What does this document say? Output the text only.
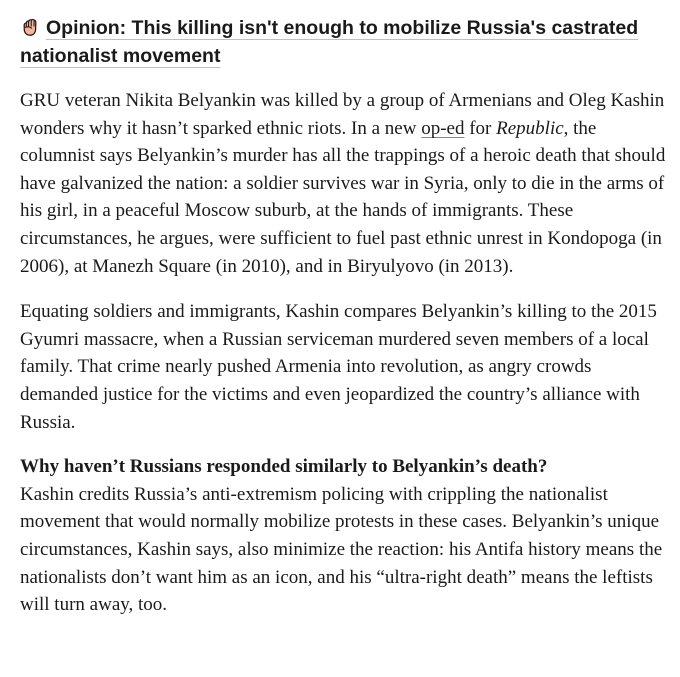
Opinion: This killing isn't enough to mobilize Russia's castrated nationalist movement

GRU veteran Nikita Belyankin was killed by a group of Armenians and Oleg Kashin wonders why it hasn’t sparked ethnic riots. In a new op-ed for Republic, the columnist says Belyankin’s murder has all the trappings of a heroic death that should have galvanized the nation: a soldier survives war in Syria, only to die in the arms of his girl, in a peaceful Moscow suburb, at the hands of immigrants. These circumstances, he argues, were sufficient to fuel past ethnic unrest in Kondopoga (in 2006), at Manezh Square (in 2010), and in Biryulyovo (in 2013).

Equating soldiers and immigrants, Kashin compares Belyankin’s killing to the 2015 Gyumri massacre, when a Russian serviceman murdered seven members of a local family. That crime nearly pushed Armenia into revolution, as angry crowds demanded justice for the victims and even jeopardized the country’s alliance with Russia.

Why haven’t Russians responded similarly to Belyankin’s death?
Kashin credits Russia’s anti-extremism policing with crippling the nationalist movement that would normally mobilize protests in these cases. Belyankin’s unique circumstances, Kashin says, also minimize the reaction: his Antifa history means the nationalists don’t want him as an icon, and his “ultra-right death” means the leftists will turn away, too.
